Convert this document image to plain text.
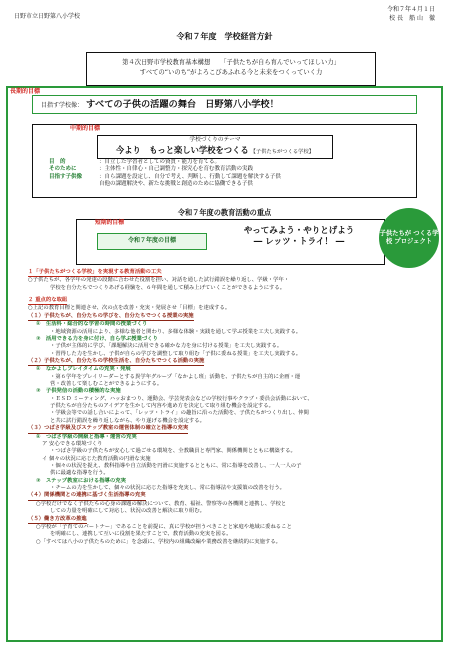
日野市立日野第八小学校
令和７年４月１日
校 長　船 山　徹
令和７年度　学校経営方針
第４次日野市学校教育基本構想 「子供たちが自ら育んでいってほしい力」
すべての“いのち”がよろこびあふれる今と未来をつくっていく力
長期的目標
目指す学校像： すべての子供の活躍の舞台　日野第八小学校！
中期的目標
学校づくりのテーマ
今より　もっと楽しい学校をつくる 【子供たちがつくる学校】
目　的	：自立した学習者としての資質・能力を育てる。
そのために	：主体性・自律心・自己調整力・探究心を育む教育活動の実践
目指す子供像	：自ら課題を設定し、自分で考え、判断し、行動して課題を解決する子供
自他の課題解決や、新たな挑戦と創造のために協働できる子供
令和７年度の教育活動の重点
短期的目標
令和７年度の目標
やってみよう・やりとげよう
― レッツ・トライ！ ―
子供たちが つくる学校 プロジェクト
１「子供たちがつくる学校」を実現する教育活動の工夫
○子供たちが、各学年の発達の段階に合わせた役割を担い、対話を通した試行錯誤を繰り返し、学級・学年・
学校を自分たちでつくりあげる経験を、６年間を通して積み上げていくことができるようにする。
２ 重点的な取組
○上記の教育目標と関連させ、次の点を改善・充実・発展させ「目標」を達成する。
（１）子供たちが、自分たちの学びを、自分たちでつくる授業の実施
①　生活科・総合的な学習の時間の授業づくり
・地域資源の活用により、多様な他者と関わり、多様な体験・実践を通して学ぶ授業を工夫し実践する。
②　活用できる力を身に付け、自ら学ぶ授業づくり
・子供が主体的に学び、「課題解決に活用できる確かな力を身に付ける授業」を工夫し実践する。
・習得した力を生かし、子供が自らの学びを調整して取り組む「子供に委ねる授業」を工夫し実践する。
（２）子供たちが、自分たちの学校生活を、自分たちでつくる活動の実施
①　なかよしプレイタイムの充実・発展
・第６学年をプレイリーダーとする異学年グループ「なかよし班」活動を、子供たちが自主的に企画・運
営・改善して楽しむことができるようにする。
②　子供発信の活動の積極的な実施
・ＥＳＤ ミーティング、ハッおまつり、運動会、学芸発表会などの学校行事やクラブ・委員会活動において、
子供たちが自分たちのアイデアを生かして内容や進め方を決定して取り組む機会を設定する。
・学級会等での話し合いによって、「レッツ・トライ」の趣旨に沿った活動を、子供たちがつくり出し、仲間
と共に試行錯誤を繰り返しながら、やり遂げる機会を設定する。
（３）つばさ学級及びステップ教室の運営体制の確立と指導の充実
①　つばさ学級の開級と指導・運営の充実
ア 安心できる環境づくり
・つばさ学級の子供たちが安心して過ごせる環境を、全教職員と専門家、関係機関とともに構築する。
イ 個々の状況に応じた教育活動の円滑な実施
・個々の状況を捉え、教科指導や自立活動を円滑に実施するとともに、常に指導を改善し、一人一人の子
供に最適な指導を行う。
②　ステップ教室における指導の充実
・チームの力を生かして、個々の状況に応じた指導を充実し、常に指導法や支援策の改善を行う。
（４）関係機関との連携に基づく生活指導の充実
○学校だけでなく子供たちの心身の課題の解決について、教育、福祉、警察等の各機関と連携し、学校と
しての力量を明確にして対応し、状況の改善と解決に取り組む。
（５）働き方改革の推進
○学校が「子育てのパートナー」であることを前提に、真に学校が担うべきことと家庭や地域に委ねること
を明確にし、連携して互いに役割を果たすことで、教育活動の充実を図る。
○「すべては八小の子供たちのために」を念頭に、学校内の組織改編や業務改善を継続的に実施する。
